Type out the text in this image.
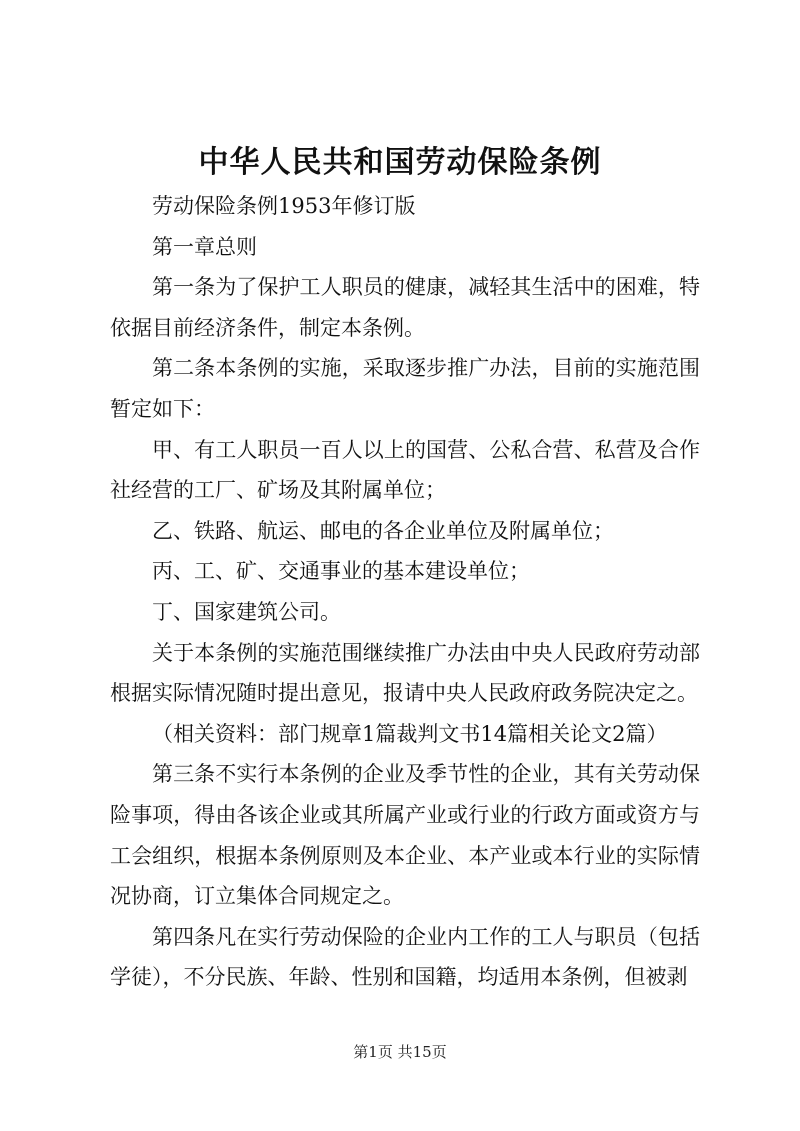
中华人民共和国劳动保险条例

劳动保险条例1953年修订版

第一章总则

第一条为了保护工人职员的健康，减轻其生活中的困难，特依据目前经济条件，制定本条例。

第二条本条例的实施，采取逐步推广办法，目前的实施范围暂定如下：

甲、有工人职员一百人以上的国营、公私合营、私营及合作社经营的工厂、矿场及其附属单位；

乙、铁路、航运、邮电的各企业单位及附属单位；

丙、工、矿、交通事业的基本建设单位；

丁、国家建筑公司。

关于本条例的实施范围继续推广办法由中央人民政府劳动部根据实际情况随时提出意见，报请中央人民政府政务院决定之。

（相关资料：部门规章1篇裁判文书14篇相关论文2篇）

第三条不实行本条例的企业及季节性的企业，其有关劳动保险事项，得由各该企业或其所属产业或行业的行政方面或资方与工会组织，根据本条例原则及本企业、本产业或本行业的实际情况协商，订立集体合同规定之。

第四条凡在实行劳动保险的企业内工作的工人与职员（包括学徒），不分民族、年龄、性别和国籍，均适用本条例，但被剥

第1页 共15页
